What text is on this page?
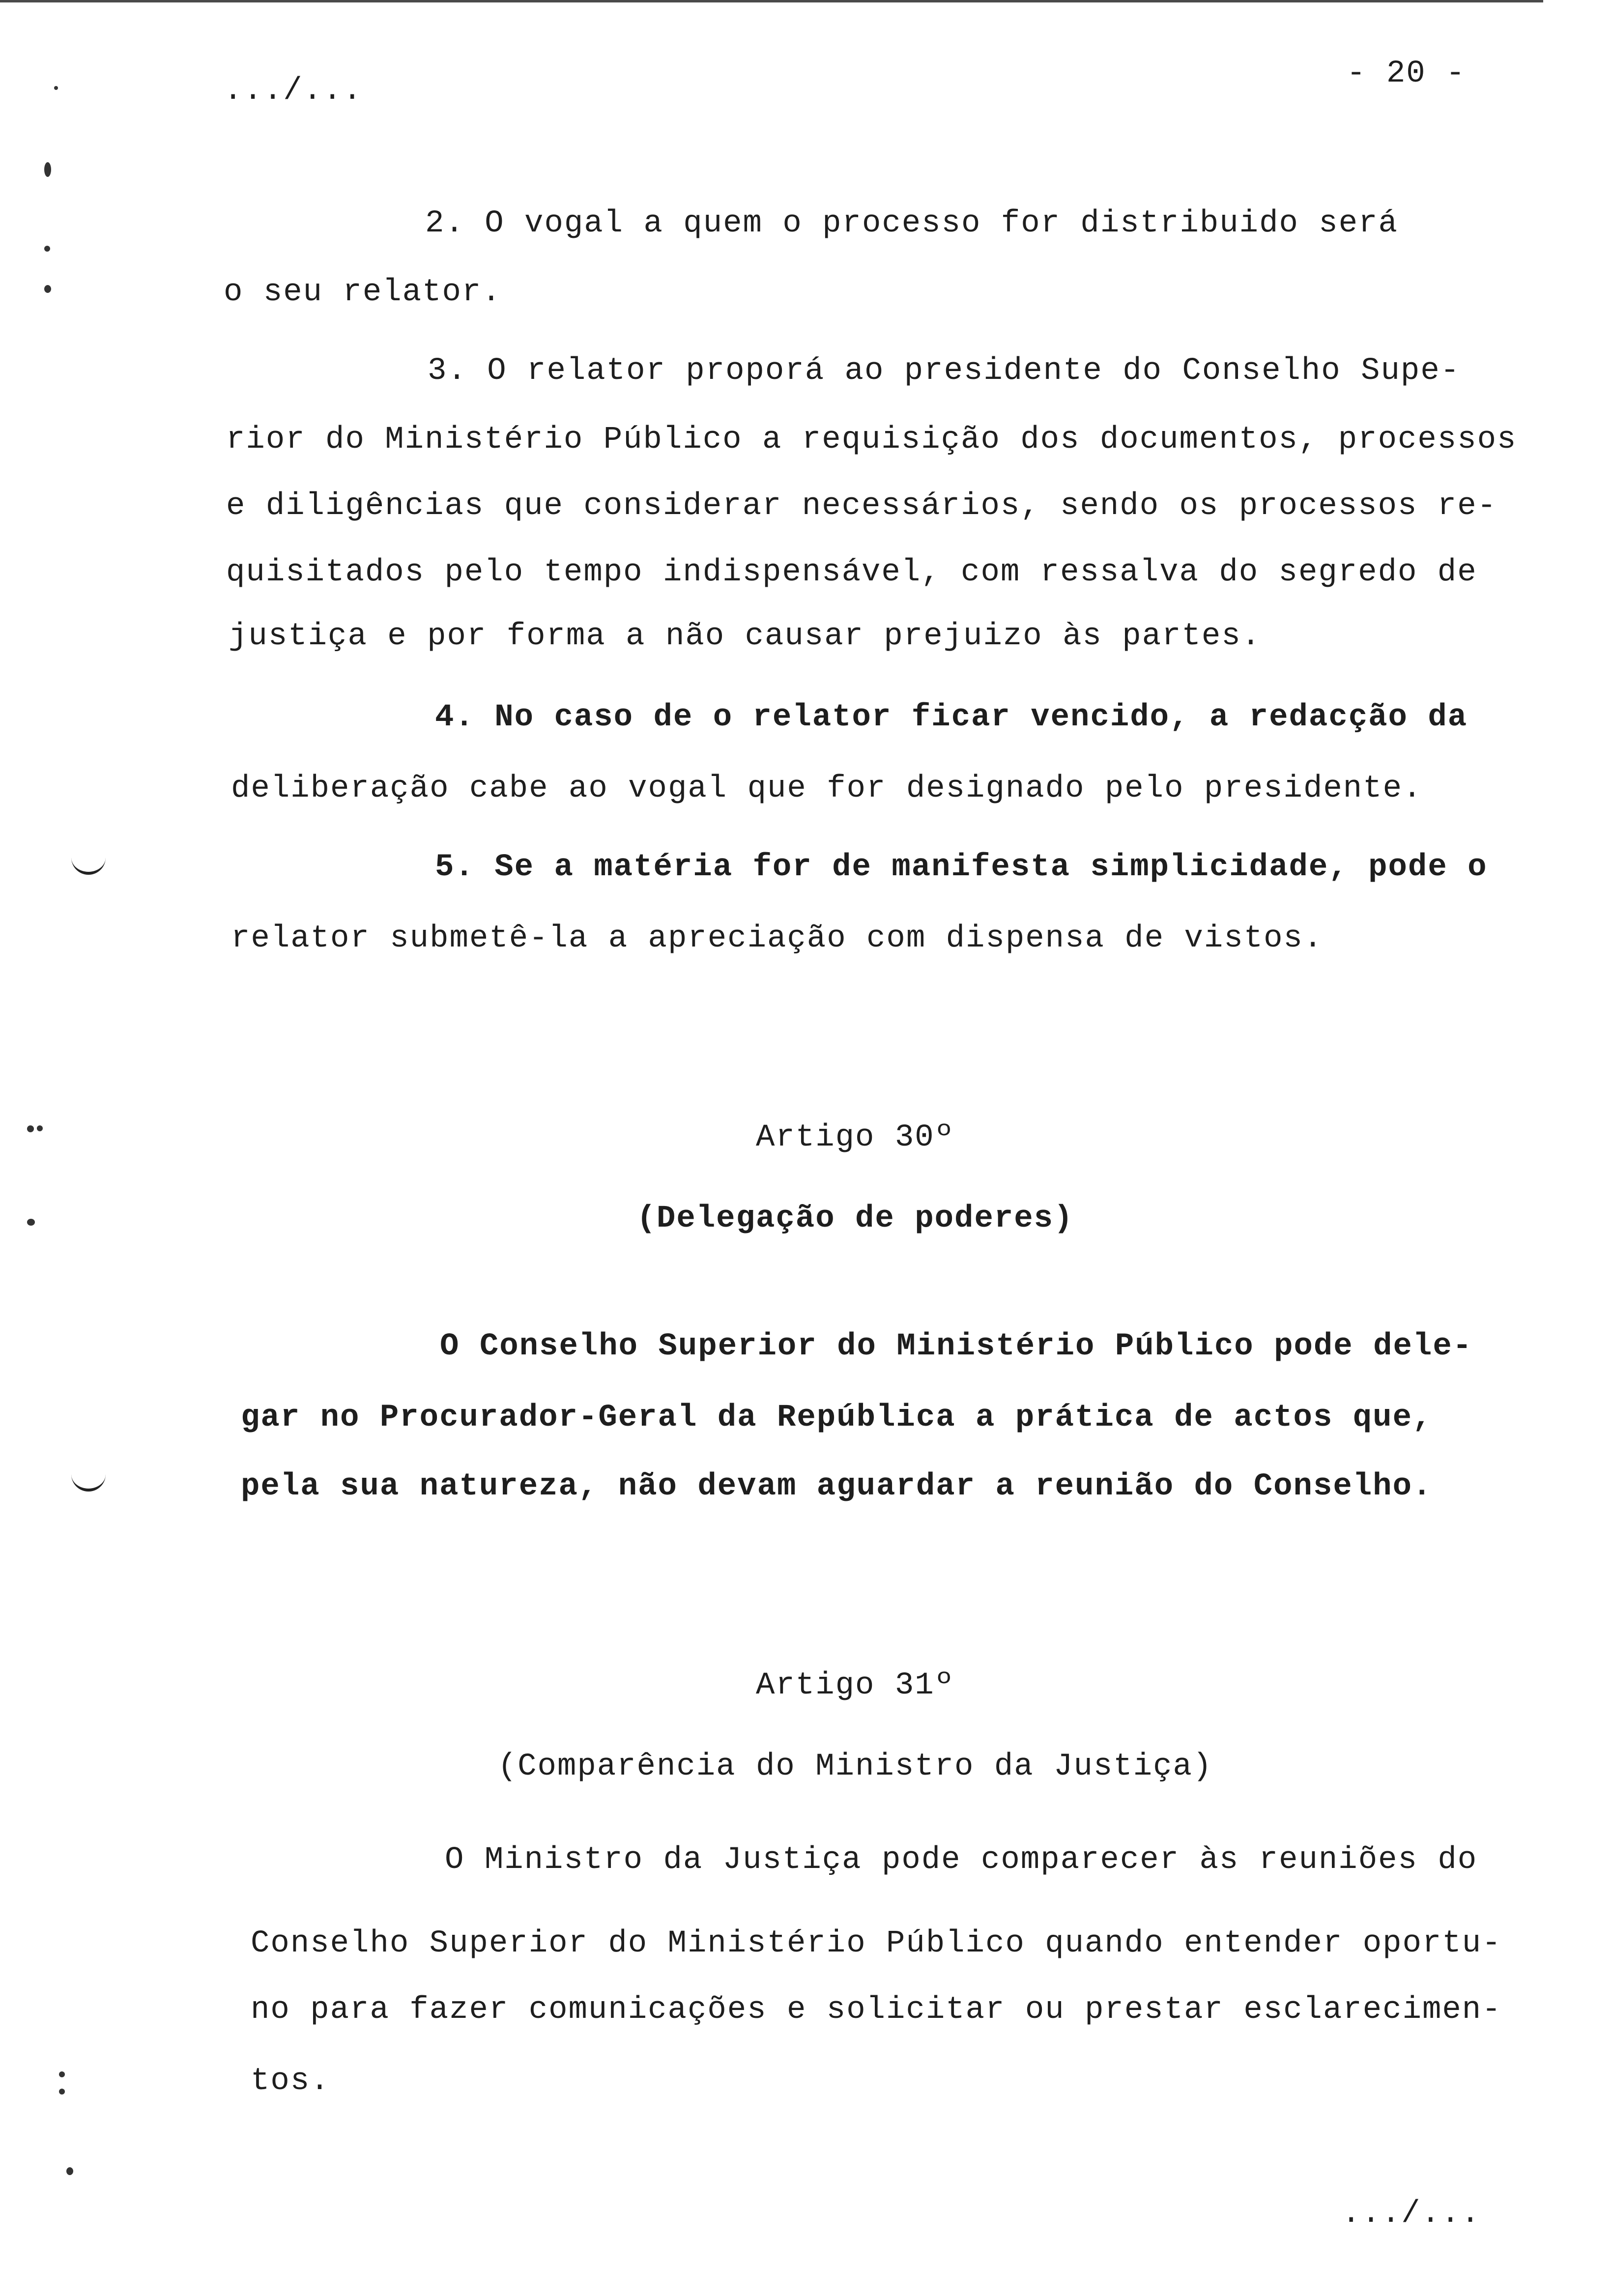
.../...	- 20 -
2. O vogal a quem o processo for distribuido será
o seu relator.
3. O relator proporá ao presidente do Conselho Supe-
rior do Ministério Público a requisição dos documentos, processos
e diligências que considerar necessários, sendo os processos re-
quisitados pelo tempo indispensável, com ressalva do segredo de
justiça e por forma a não causar prejuizo às partes.
4. No caso de o relator ficar vencido, a redacção da
deliberação cabe ao vogal que for designado pelo presidente.
5. Se a matéria for de manifesta simplicidade, pode o
relator submetê-la a apreciação com dispensa de vistos.
Artigo 30º
(Delegação de poderes)
O Conselho Superior do Ministério Público pode dele-
gar no Procurador-Geral da República a prática de actos que,
pela sua natureza, não devam aguardar a reunião do Conselho.
Artigo 31º
(Comparência do Ministro da Justiça)
O Ministro da Justiça pode comparecer às reuniões do
Conselho Superior do Ministério Público quando entender oportu-
no para fazer comunicações e solicitar ou prestar esclarecimen-
tos.
.../...
